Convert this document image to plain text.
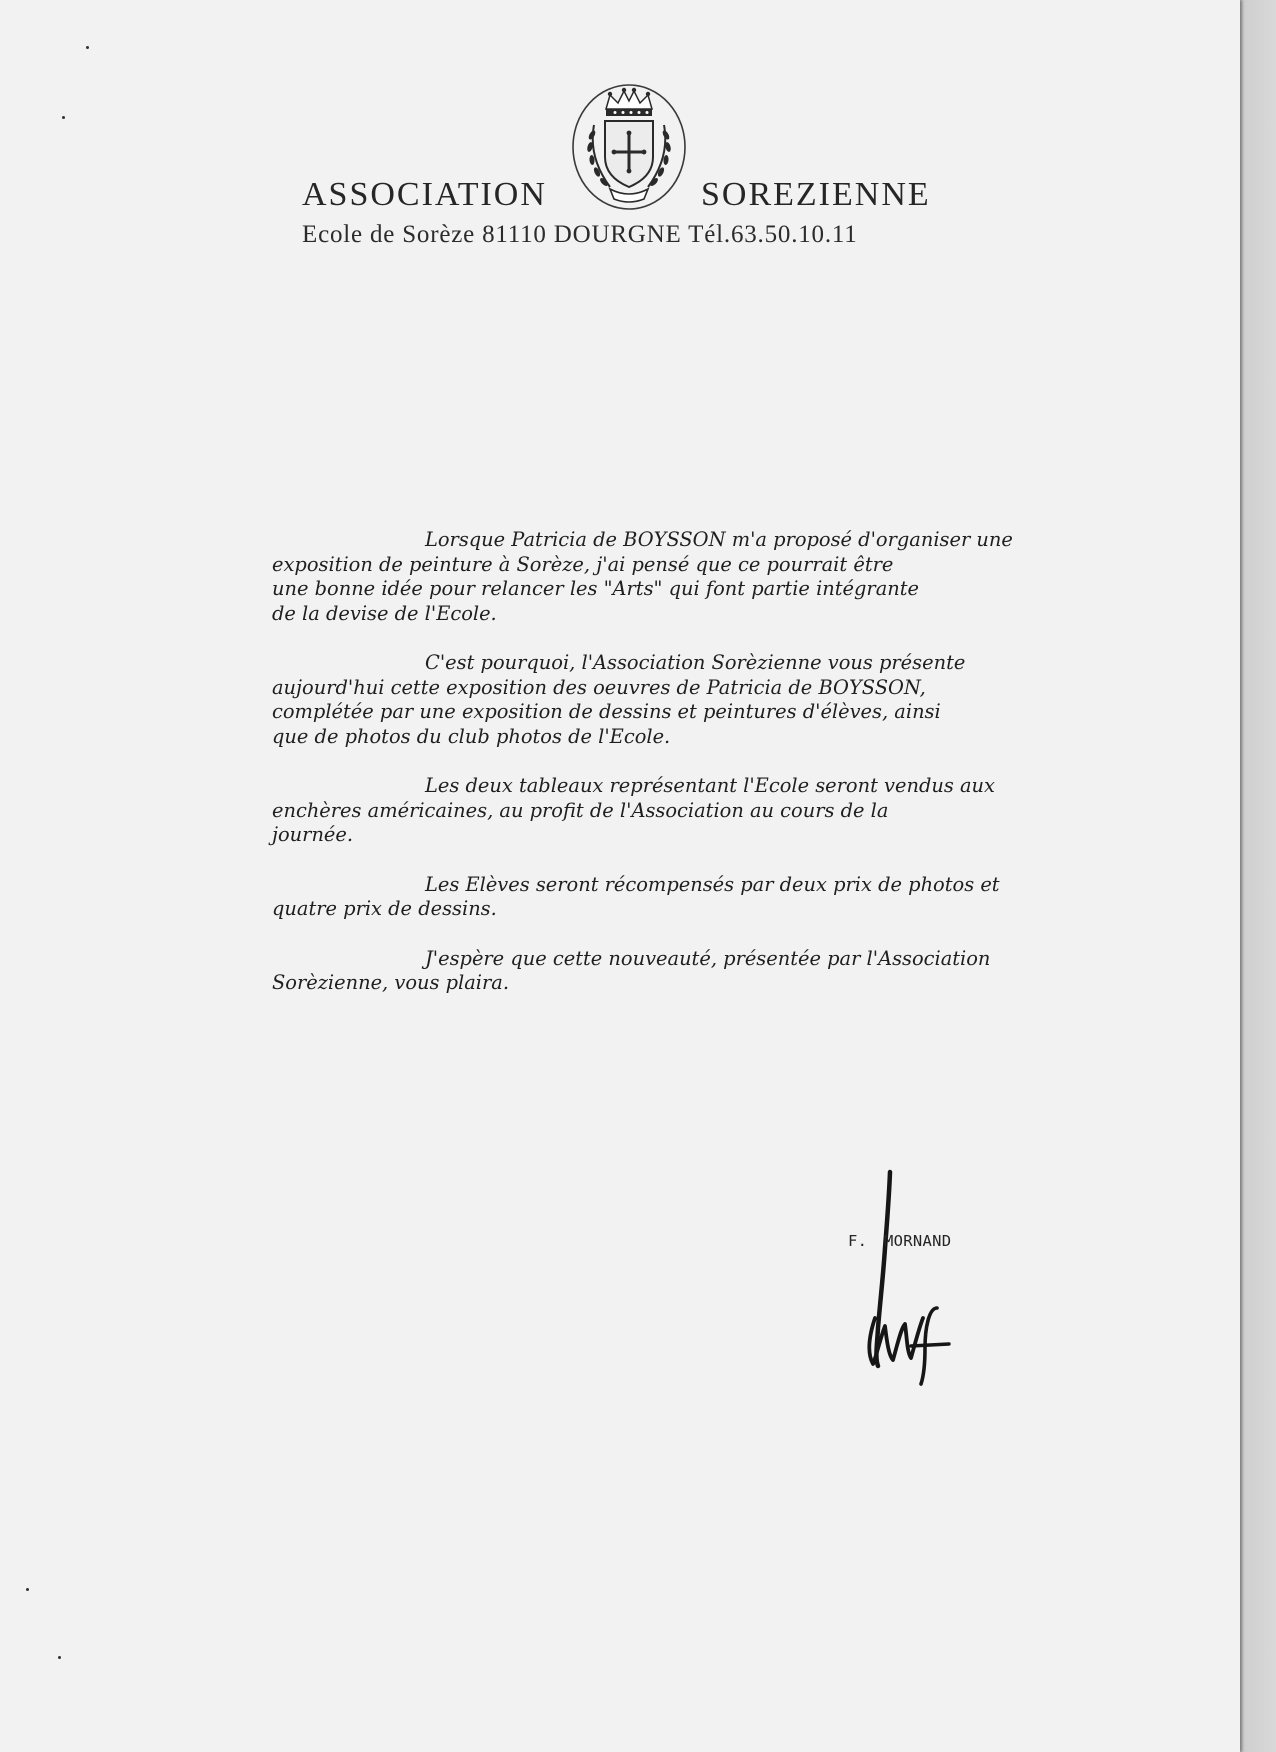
ASSOCIATION	SOREZIENNE
Ecole de Sorèze 81110 DOURGNE Tél.63.50.10.11
Lorsque Patricia de BOYSSON m'a proposé d'organiser une
exposition de peinture à Sorèze, j'ai pensé que ce pourrait être
une bonne idée pour relancer les "Arts" qui font partie intégrante
de la devise de l'Ecole.
C'est pourquoi, l'Association Sorèzienne vous présente
aujourd'hui cette exposition des oeuvres de Patricia de BOYSSON,
complétée par une exposition de dessins et peintures d'élèves, ainsi
que de photos du club photos de l'Ecole.
Les deux tableaux représentant l'Ecole seront vendus aux
enchères américaines, au profit de l'Association au cours de la
journée.
Les Elèves seront récompensés par deux prix de photos et
quatre prix de dessins.
J'espère que cette nouveauté, présentée par l'Association
Sorèzienne, vous plaira.
F. MORNAND
